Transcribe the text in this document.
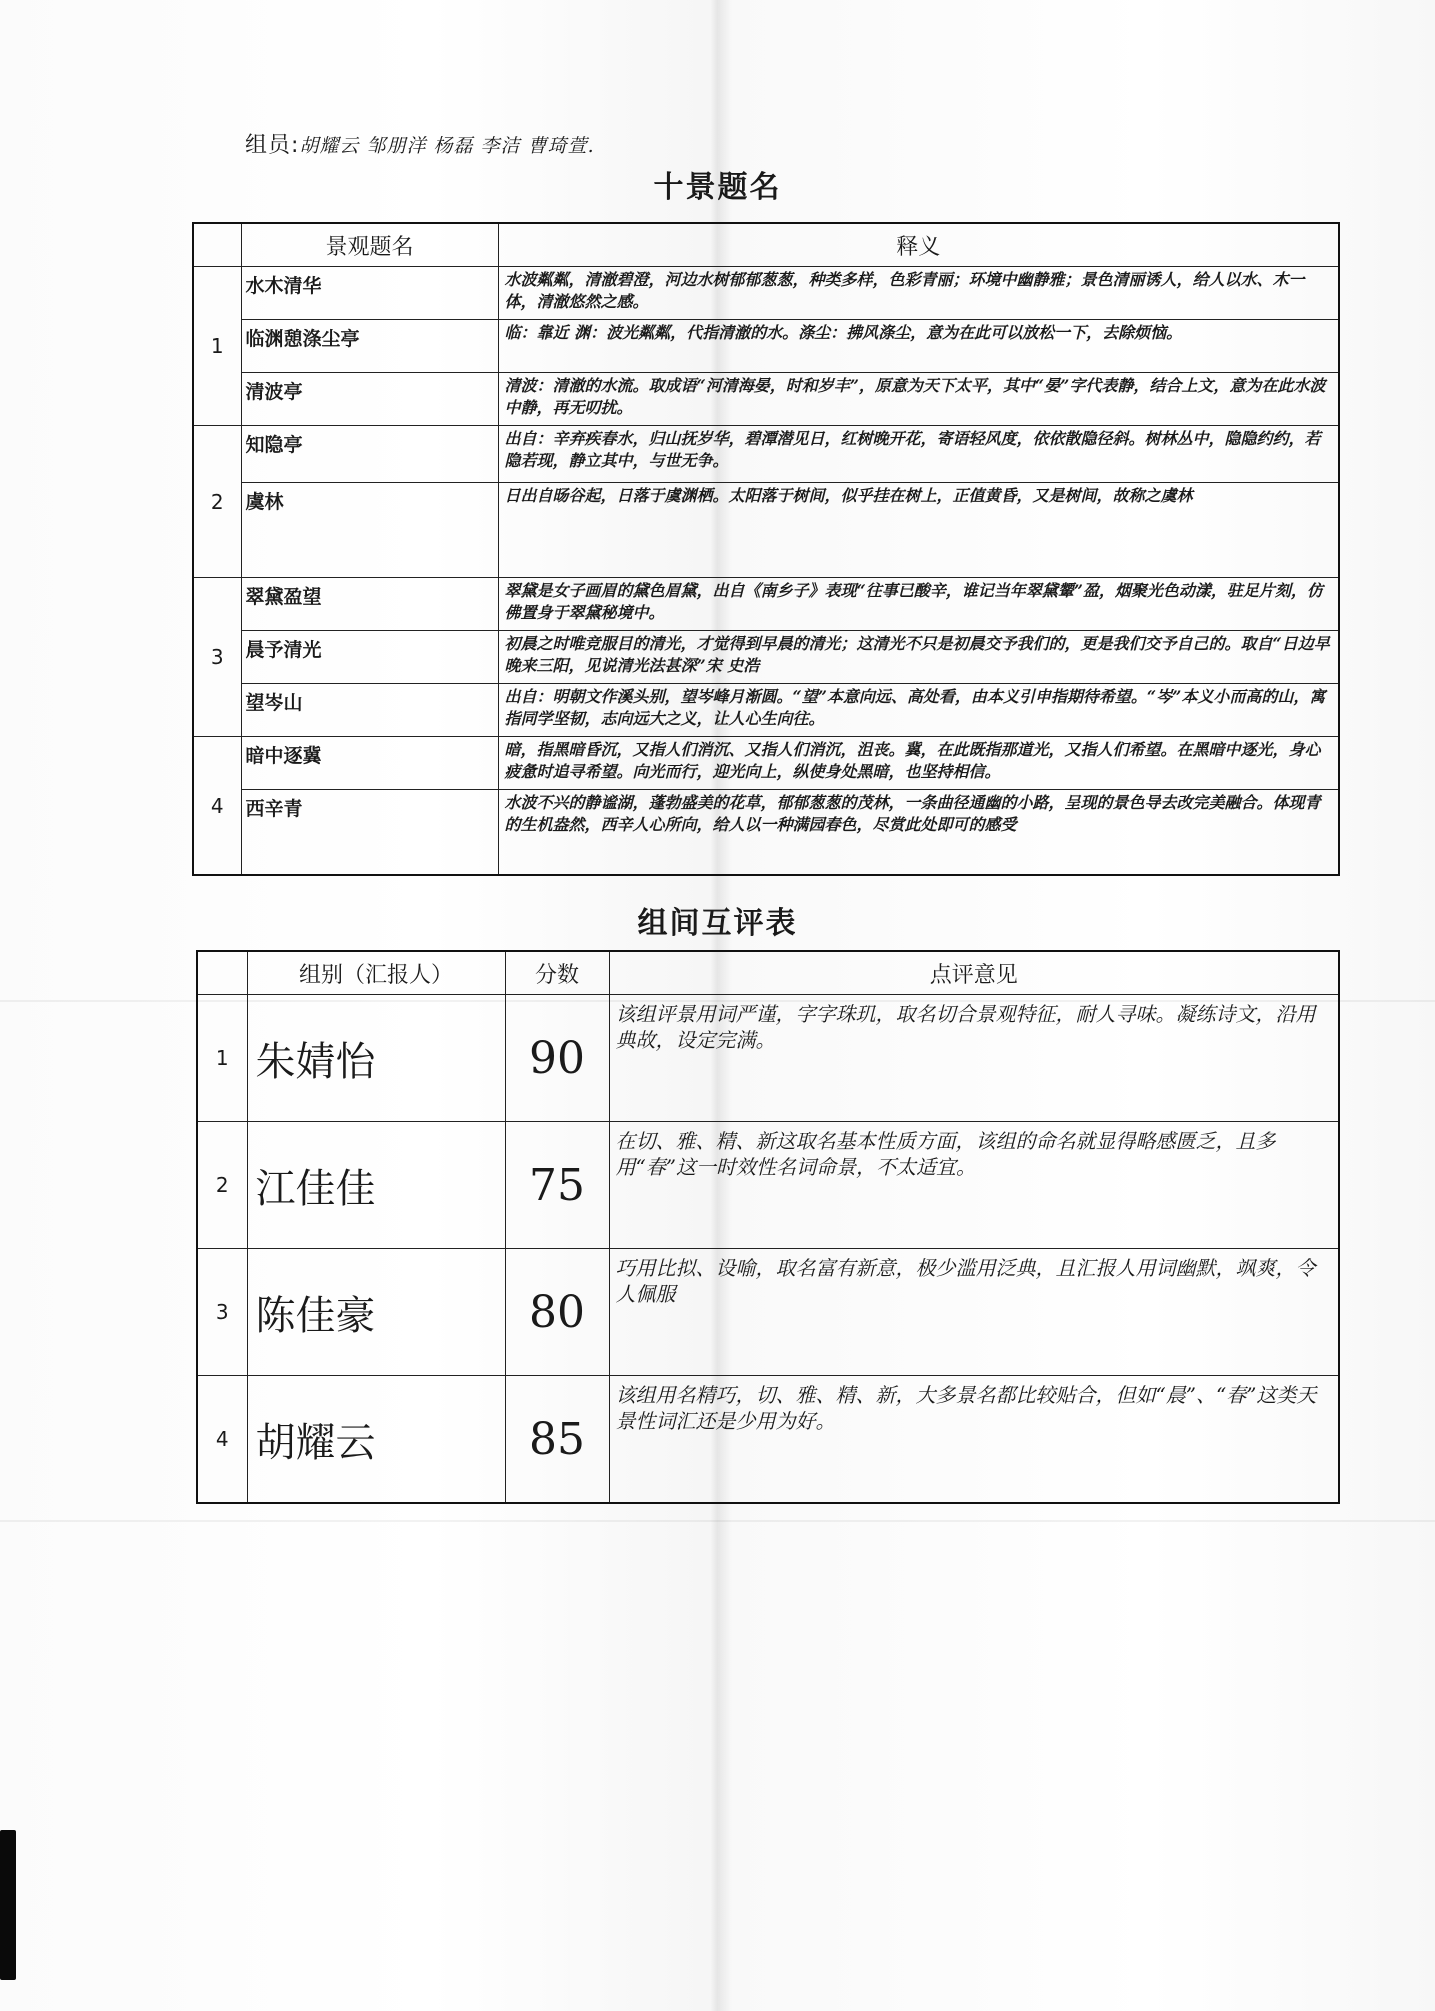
组员:胡耀云 邹朋洋 杨磊 李洁 曹琦萱.
十景题名
	景观题名	释义
1	水木清华	水波粼粼，清澈碧澄，河边水树郁郁葱葱，种类多样，色彩青丽；环境中幽静雅；景色清丽诱人，给人以水、木一体，清澈悠然之感。
	临渊憩涤尘亭	临：靠近 渊：波光粼粼，代指清澈的水。涤尘：拂风涤尘，意为在此可以放松一下，去除烦恼。
	清波亭	清波：清澈的水流。取成语“河清海晏，时和岁丰”，原意为天下太平，其中“晏”字代表静，结合上文，意为在此水波中静，再无叨扰。
2	知隐亭	出自：辛弃疾春水，归山抚岁华，碧潭潜见日，红树晚开花，寄语轻风度，依依散隐径斜。树林丛中，隐隐约约，若隐若现，静立其中，与世无争。
	虞林	日出自旸谷起，日落于虞渊栖。太阳落于树间，似乎挂在树上，正值黄昏，又是树间，故称之虞林
3	翠黛盈望	翠黛是女子画眉的黛色眉黛，出自《南乡子》表现“往事已酸辛，谁记当年翠黛颦”盈，烟聚光色动漾，驻足片刻，仿佛置身于翠黛秘境中。
	晨予清光	初晨之时唯竞服目的清光，才觉得到早晨的清光；这清光不只是初晨交予我们的，更是我们交予自己的。取自“日边早晚来三阳，见说清光法甚深”宋 史浩
	望岑山	出自：明朝文作溪头别，望岑峰月渐圆。“望”本意向远、高处看，由本义引申指期待希望。“岑”本义小而高的山，寓指同学坚韧，志向远大之义，让人心生向往。
4	暗中逐冀	暗，指黑暗昏沉，又指人们消沉、又指人们消沉，沮丧。冀，在此既指那道光，又指人们希望。在黑暗中逐光，身心疲惫时追寻希望。向光而行，迎光向上，纵使身处黑暗，也坚持相信。
	西辛青	水波不兴的静谧湖，蓬勃盛美的花草，郁郁葱葱的茂林，一条曲径通幽的小路，呈现的景色导去改完美融合。体现青的生机盎然，西辛人心所向，给人以一种满园春色，尽赏此处即可的感受
组间互评表
	组别（汇报人）	分数	点评意见
1	朱婧怡	90	该组评景用词严谨，字字珠玑，取名切合景观特征，耐人寻味。凝练诗文，沿用典故，设定完满。
2	江佳佳	75	在切、雅、精、新这取名基本性质方面，该组的命名就显得略感匮乏，且多用“春”这一时效性名词命景，不太适宜。
3	陈佳豪	80	巧用比拟、设喻，取名富有新意，极少滥用泛典，且汇报人用词幽默，飒爽，令人佩服
4	胡耀云	85	该组用名精巧，切、雅、精、新，大多景名都比较贴合，但如“晨”、“春”这类天景性词汇还是少用为好。
